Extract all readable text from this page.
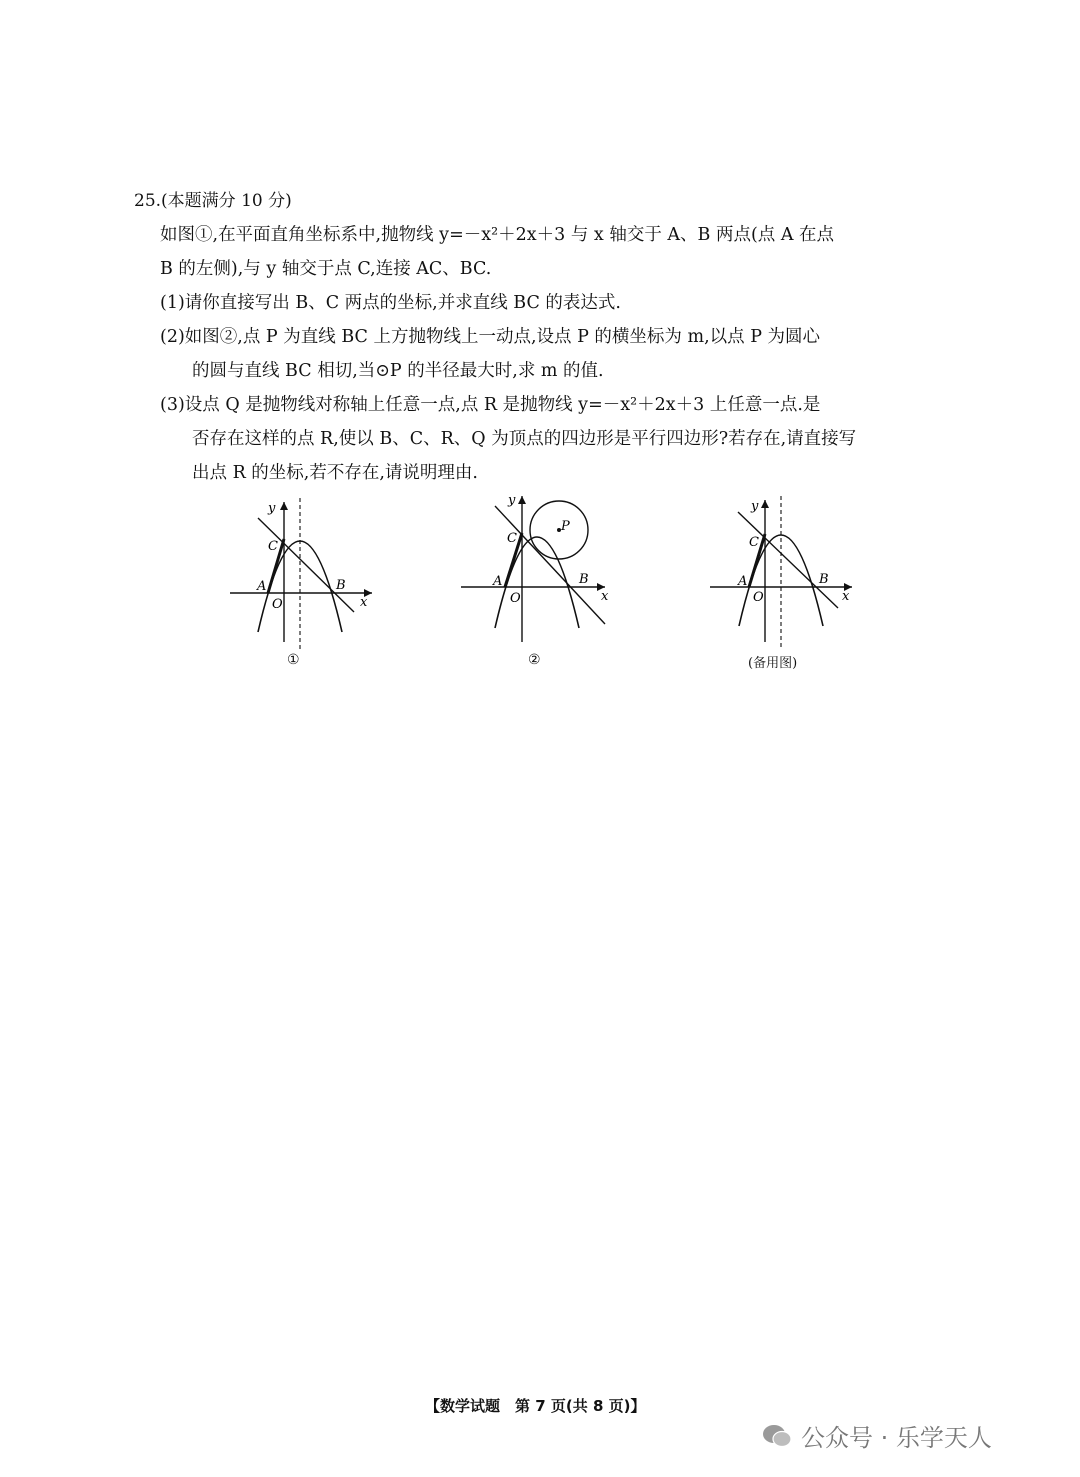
25.(本题满分 10 分)
如图①,在平面直角坐标系中,抛物线 y=－x²＋2x＋3 与 x 轴交于 A、B 两点(点 A 在点
B 的左侧),与 y 轴交于点 C,连接 AC、BC.
(1)请你直接写出 B、C 两点的坐标,并求直线 BC 的表达式.
(2)如图②,点 P 为直线 BC 上方抛物线上一动点,设点 P 的横坐标为 m,以点 P 为圆心
的圆与直线 BC 相切,当⊙P 的半径最大时,求 m 的值.
(3)设点 Q 是抛物线对称轴上任意一点,点 R 是抛物线 y=－x²＋2x＋3 上任意一点.是
否存在这样的点 R,使以 B、C、R、Q 为顶点的四边形是平行四边形?若存在,请直接写
出点 R 的坐标,若不存在,请说明理由.
y
x
C
A
O
B
①
y
x
C
A
O
B
P
②
y
x
C
A
O
B
(备用图)
【数学试题　第 7 页(共 8 页)】
公众号 · 乐学天人
